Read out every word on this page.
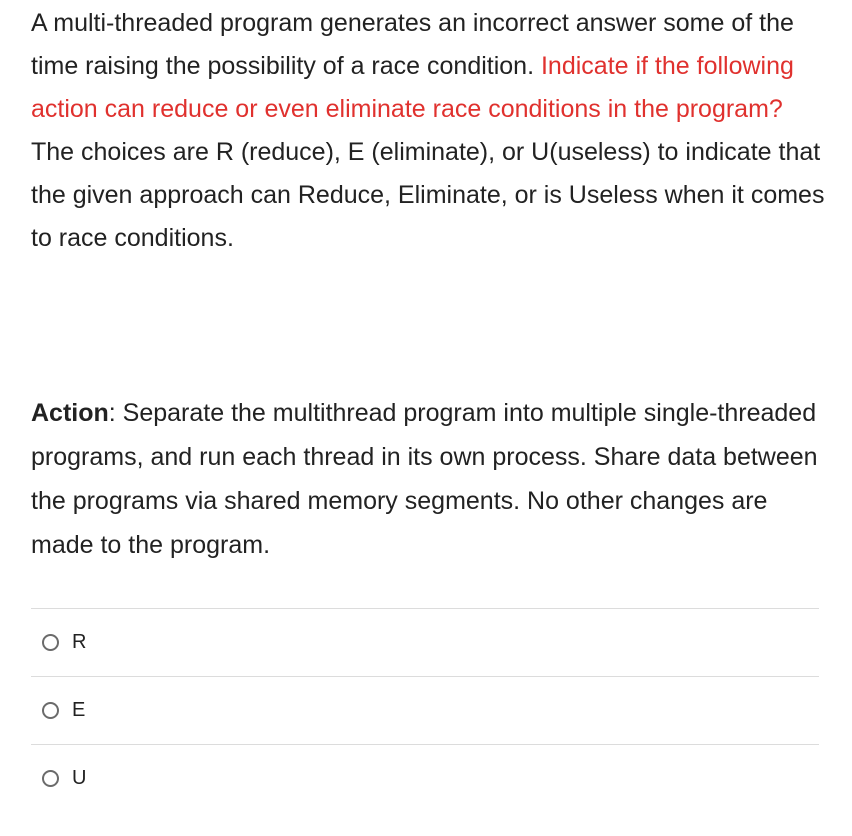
A multi-threaded program generates an incorrect answer some of the time raising the possibility of a race condition. Indicate if the following action can reduce or even eliminate race conditions in the program? The choices are R (reduce), E (eliminate), or U(useless) to indicate that the given approach can Reduce, Eliminate, or is Useless when it comes to race conditions.
Action: Separate the multithread program into multiple single-threaded programs, and run each thread in its own process. Share data between the programs via shared memory segments. No other changes are made to the program.
R
E
U
